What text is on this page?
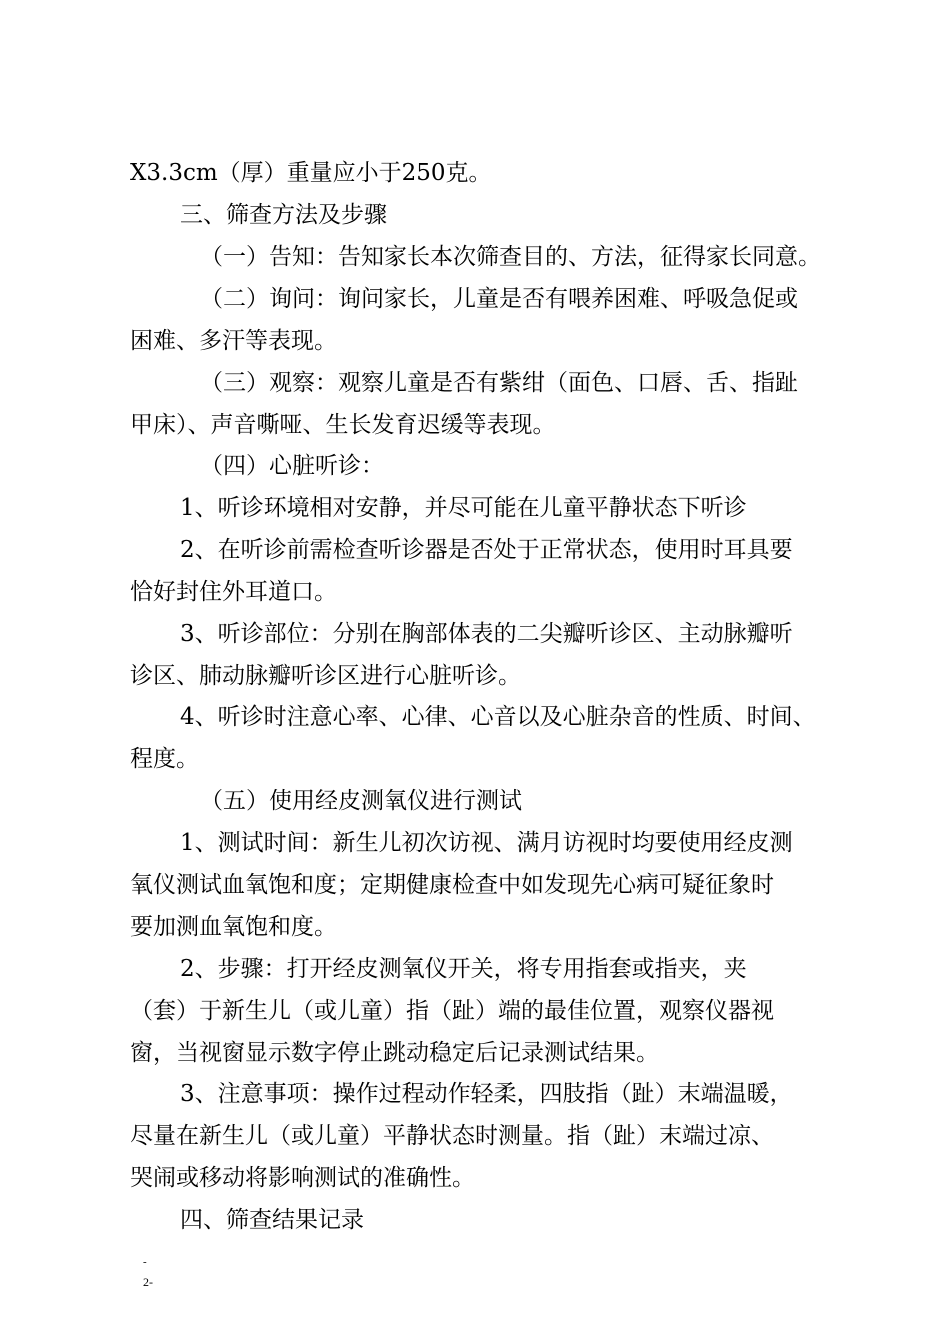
X3.3cm（厚）重量应小于250克。
三、筛查方法及步骤
（一）告知：告知家长本次筛查目的、方法，征得家长同意。
（二）询问：询问家长，儿童是否有喂养困难、呼吸急促或
困难、多汗等表现。
（三）观察：观察儿童是否有紫绀（面色、口唇、舌、指趾
甲床）、声音嘶哑、生长发育迟缓等表现。
（四）心脏听诊：
1、听诊环境相对安静，并尽可能在儿童平静状态下听诊
2、在听诊前需检查听诊器是否处于正常状态，使用时耳具要
恰好封住外耳道口。
3、听诊部位：分别在胸部体表的二尖瓣听诊区、主动脉瓣听
诊区、肺动脉瓣听诊区进行心脏听诊。
4、听诊时注意心率、心律、心音以及心脏杂音的性质、时间、
程度。
（五）使用经皮测氧仪进行测试
1、测试时间：新生儿初次访视、满月访视时均要使用经皮测
氧仪测试血氧饱和度；定期健康检查中如发现先心病可疑征象时
要加测血氧饱和度。
2、步骤：打开经皮测氧仪开关，将专用指套或指夹，夹
（套）于新生儿（或儿童）指（趾）端的最佳位置，观察仪器视
窗，当视窗显示数字停止跳动稳定后记录测试结果。
3、注意事项：操作过程动作轻柔，四肢指（趾）末端温暖，
尽量在新生儿（或儿童）平静状态时测量。指（趾）末端过凉、
哭闹或移动将影响测试的准确性。
四、筛查结果记录
-
2-
